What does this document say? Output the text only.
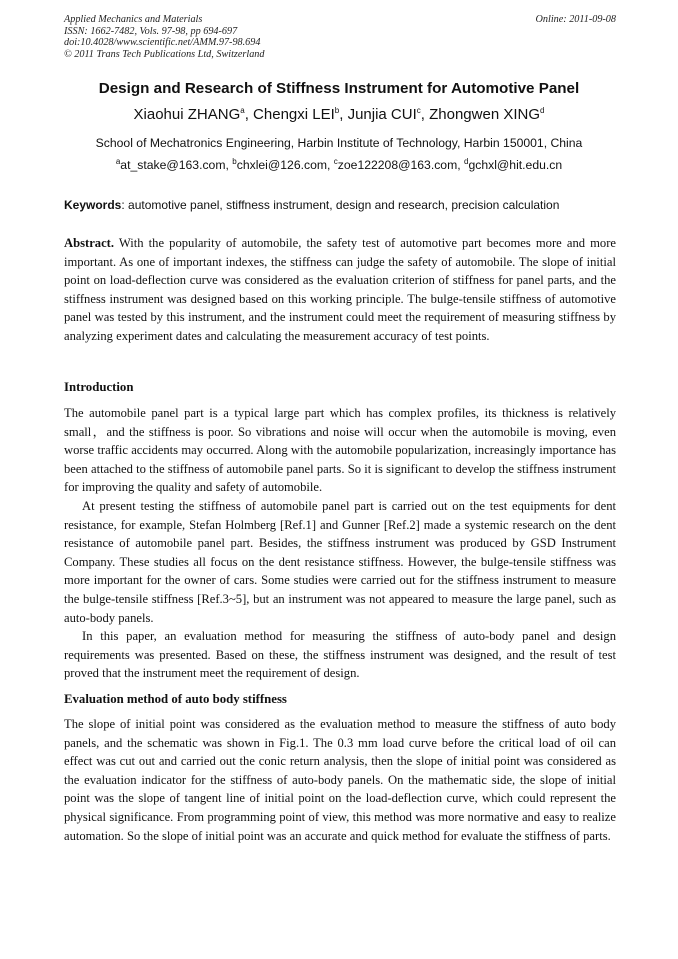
Applied Mechanics and Materials
ISSN: 1662-7482, Vols. 97-98, pp 694-697
doi:10.4028/www.scientific.net/AMM.97-98.694
© 2011 Trans Tech Publications Ltd, Switzerland
Online: 2011-09-08
Design and Research of Stiffness Instrument for Automotive Panel
Xiaohui ZHANG$^a$, Chengxi LEI$^b$, Junjia CUI$^c$, Zhongwen XING$^d$
School of Mechatronics Engineering, Harbin Institute of Technology, Harbin 150001, China
$^a$at_stake@163.com, $^b$chxlei@126.com, $^c$zoe122208@163.com, $^d$gchxl@hit.edu.cn
Keywords: automotive panel, stiffness instrument, design and research, precision calculation

Abstract. With the popularity of automobile, the safety test of automotive part becomes more and more important. As one of important indexes, the stiffness can judge the safety of automobile. The slope of initial point on load-deflection curve was considered as the evaluation criterion of stiffness for panel parts, and the stiffness instrument was designed based on this working principle. The bulge-tensile stiffness of automotive panel was tested by this instrument, and the instrument could meet the requirement of measuring stiffness by analyzing experiment dates and calculating the measurement accuracy of test points.

Introduction

The automobile panel part is a typical large part which has complex profiles, its thickness is relatively small，and the stiffness is poor. So vibrations and noise will occur when the automobile is moving, even worse traffic accidents may occurred. Along with the automobile popularization, increasingly importance has been attached to the stiffness of automobile panel parts. So it is significant to develop the stiffness instrument for improving the quality and safety of automobile.

At present testing the stiffness of automobile panel part is carried out on the test equipments for dent resistance, for example, Stefan Holmberg [Ref.1] and Gunner [Ref.2] made a systemic research on the dent resistance of automobile panel part. Besides, the stiffness instrument was produced by GSD Instrument Company. These studies all focus on the dent resistance stiffness. However, the bulge-tensile stiffness was more important for the owner of cars. Some studies were carried out for the stiffness instrument to measure the bulge-tensile stiffness [Ref.3~5], but an instrument was not appeared to measure the large panel, such as auto-body panels.

In this paper, an evaluation method for measuring the stiffness of auto-body panel and design requirements was presented. Based on these, the stiffness instrument was designed, and the result of test proved that the instrument meet the requirement of design.

Evaluation method of auto body stiffness

The slope of initial point was considered as the evaluation method to measure the stiffness of auto body panels, and the schematic was shown in Fig.1. The 0.3 mm load curve before the critical load of oil can effect was cut out and carried out the conic return analysis, then the slope of initial point was considered as the evaluation indicator for the stiffness of auto-body panels. On the mathematic side, the slope of initial point was the slope of tangent line of initial point on the load-deflection curve, which could represent the physical significance. From programming point of view, this method was more normative and easy to realize automation. So the slope of initial point was an accurate and quick method for evaluate the stiffness of parts.
